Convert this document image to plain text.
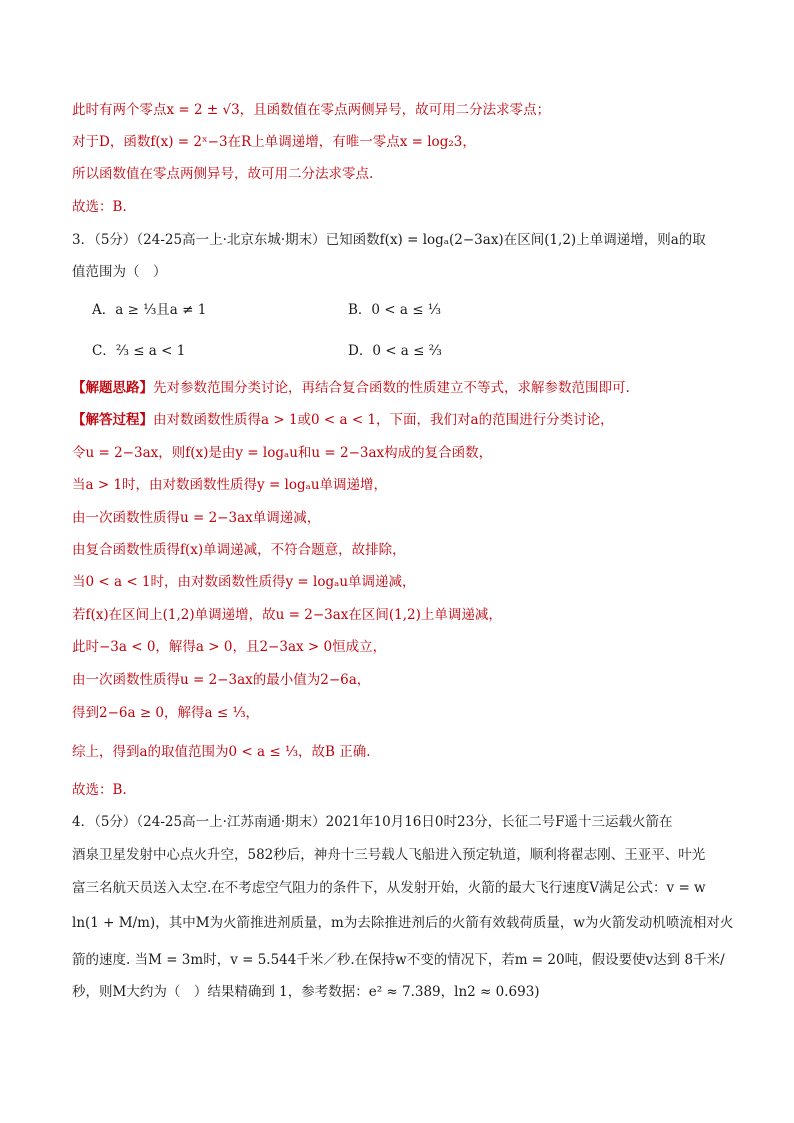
此时有两个零点x = 2 ± √3，且函数值在零点两侧异号，故可用二分法求零点；
对于D，函数f(x) = 2ˣ−3在R上单调递增，有唯一零点x = log₂3，
所以函数值在零点两侧异号，故可用二分法求零点.
故选：B.
3．（5分）（24-25高一上·北京东城·期末）已知函数f(x) = logₐ(2−3ax)在区间(1,2)上单调递增，则a的取
值范围为（　）
A．a ≥ ⅓且a ≠ 1	B．0 < a ≤ ⅓
C．⅔ ≤ a < 1	D．0 < a ≤ ⅔
【解题思路】先对参数范围分类讨论，再结合复合函数的性质建立不等式，求解参数范围即可.
【解答过程】由对数函数性质得a > 1或0 < a < 1，下面，我们对a的范围进行分类讨论，
令u = 2−3ax，则f(x)是由y = logₐu和u = 2−3ax构成的复合函数，
当a > 1时，由对数函数性质得y = logₐu单调递增，
由一次函数性质得u = 2−3ax单调递减，
由复合函数性质得f(x)单调递减，不符合题意，故排除，
当0 < a < 1时，由对数函数性质得y = logₐu单调递减，
若f(x)在区间上(1,2)单调递增，故u = 2−3ax在区间(1,2)上单调递减，
此时−3a < 0，解得a > 0，且2−3ax > 0恒成立，
由一次函数性质得u = 2−3ax的最小值为2−6a，
得到2−6a ≥ 0，解得a ≤ ⅓，
综上，得到a的取值范围为0 < a ≤ ⅓，故B 正确.
故选：B.
4．（5分）（24-25高一上·江苏南通·期末）2021年10月16日0时23分，长征二号F遥十三运载火箭在
酒泉卫星发射中心点火升空，582秒后，神舟十三号载人飞船进入预定轨道，顺利将翟志刚、王亚平、叶光
富三名航天员送入太空.在不考虑空气阻力的条件下，从发射开始，火箭的最大飞行速度V满足公式：v = w
ln(1 + M/m)，其中M为火箭推进剂质量，m为去除推进剂后的火箭有效载荷质量，w为火箭发动机喷流相对火
箭的速度. 当M = 3m时，v = 5.544千米／秒.在保持w不变的情况下，若m = 20吨，假设要使v达到 8千米/
秒，则M大约为（　）结果精确到 1，参考数据：e² ≈ 7.389，ln2 ≈ 0.693)
